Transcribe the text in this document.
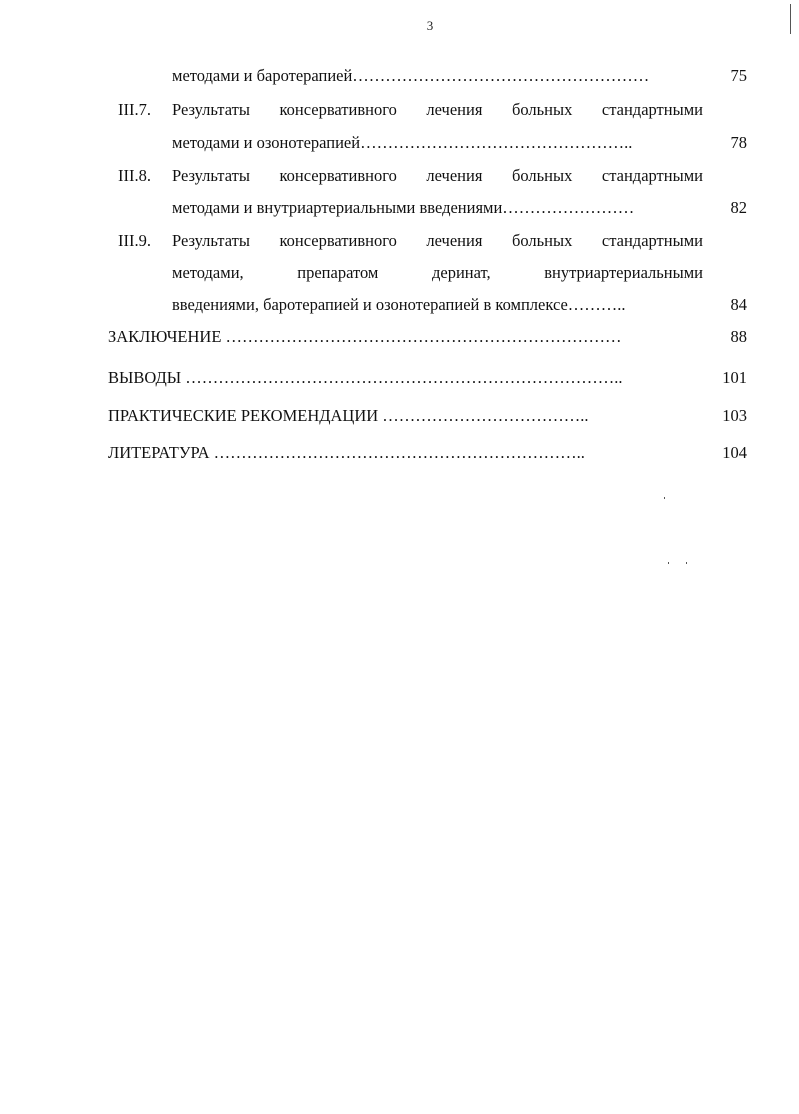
3
методами и баротерапией………………………………………………	75
III.7. Результаты консервативного лечения больных стандартными
методами и озонотерапией…………………………………………..	78
III.8. Результаты консервативного лечения больных стандартными
методами и внутриартериальными введениями……………………	82
III.9. Результаты консервативного лечения больных стандартными
методами,	препаратом	деринат,	внутриартериальными
введениями, баротерапией и озонотерапией в комплексе………..	84
ЗАКЛЮЧЕНИЕ ………………………………………………………………	88
ВЫВОДЫ ……………………………………………………………………..	101
ПРАКТИЧЕСКИЕ РЕКОМЕНДАЦИИ ………………………………..	103
ЛИТЕРАТУРА …………………………………………………………..	104
